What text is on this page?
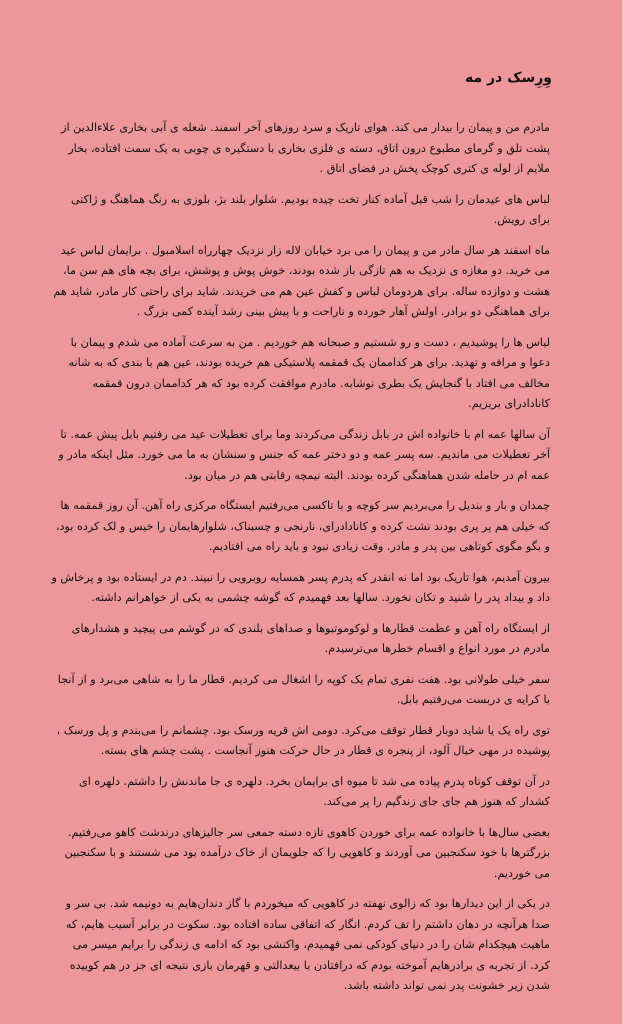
وِرِسک در مه

مادرم من و پیمان را بیدار می کند. هوای تاریک و سرد روزهای آخر اسفند. شعله ی آبی بخاری علاءالدین از پشت تلق و گرمای مطبوع درون اتاق، دسته ی فلزی بخاری با دستگیره ی چوبی به یک سمت افتاده، بخار ملایم از لوله ی کتری کوچک پخش در فضای اتاق .

لباس های عیدمان را شب قبل آماده کنار تخت چیده بودیم. شلوار بلند بژ، بلوزی به رنگ هماهنگ و ژاکتی برای رویش.

ماه اسفند هر سال مادر من و پیمان را می برد خیابان لاله زار نزدیک چهارراه اسلامبول . برایمان لباس عید می خرید. دو مغازه ی نزدیک به هم تازگی باز شده بودند، خوش پوش و پوشش، برای بچه های هم سن ما، هشت و دوازده ساله. برای هردومان لباس و کفش عین هم می خریدند. شاید برای راحتی کار مادر، شاید هم برای هماهنگی دو برادر. اولش آهار خورده و ناراحت و با پیش بینی رشد آینده کمی بزرگ .

لباس ها را پوشیدیم ، دست و رو شستیم و صبحانه هم خوردیم . من به سرعت آماده می شدم و پیمان با دعوا و مرافه و تهدید. برای هر کداممان یک قمقمه پلاستیکی هم خریده بودند، عین هم با بندی که به شانه مخالف می افتاد با گنجایش یک بطری نوشابه. مادرم موافقت کرده بود که هر کداممان درون قمقمه کانادادرای بریزیم.

آن سالها عمه ام با خانواده اش در بابل زندگی می‌کردند وما برای تعطیلات عید می رفتیم بابل پیش عمه. تا آخر تعطیلات می ماندیم. سه پسر عمه و دو دختر عمه که جنس و سنشان به ما می خورد. مثل اینکه مادر و عمه ام در حامله شدن هماهنگی کرده بودند. البته نیمچه رقابتی هم در میان بود.

چمدان و بار و بندیل را می‌بردیم سر کوچه و با تاکسی می‌رفتیم ایستگاه مرکزی راه آهن. آن روز قمقمه ها که خیلی هم پر پری بودند نشت کرده و کانادادرای، نارنجی و چسبناک، شلوارهایمان را خیس و لک کرده بود، و بگو مگوی کوتاهی بین پدر و مادر. وقت زیادی نبود و باید راه می افتادیم.

بیرون آمدیم، هوا تاریک بود اما نه انقدر که پدرم پسر همسایه روبرویی را نبیند. دم در ایستاده بود و پرخاش و داد و بیداد پدر را شنید و تکان نخورد. سالها بعد فهمیدم که گوشه چشمی به یکی از خواهرانم داشته.

از ایستگاه راه آهن و عظمت قطارها و لوکوموتیوها و صداهای بلندی که در گوشم می پیچید و هشدارهای مادرم در مورد انواع و اقسام خطرها می‌ترسیدم.

سفر خیلی طولانی بود. هفت نفری تمام یک کوپه را اشغال می کردیم. قطار ما را به شاهی می‌برد و از آنجا با کرایه ی دربست می‌رفتیم بابل.

توی راه یک یا شاید دوبار قطار توقف می‌کرد. دومی اش قریه ورسک بود. چشمانم را می‌بندم و پل ورسک ، پوشیده در مهی خیال آلود، از پنجره ی قطار در حال حرکت هنوز آنجاست . پشت چشم های بسته.

در آن توقف کوتاه پدرم پیاده می شد تا میوه ای برایمان بخرد. دلهره ی جا ماندنش را داشتم. دلهره ای کشدار که هنوز هم جای جای زندگیم را پر می‌کند.

بعضی سال‌ها با خانواده عمه برای خوردن کاهوی تازه دسته جمعی سر جالیزهای درندشت کاهو می‌رفتیم. بزرگترها با خود سکنجبین می آوردند و کاهویی را که جلویمان از خاک درآمده بود می شستند و با سکنجبین می خوردیم.

در یکی از این دیدارها بود که زالوی نهفته در کاهویی که میخوردم با گاز دندان‌هایم به دونیمه شد. بی سر و صدا هرآنچه در دهان داشتم را تف کردم. انگار که اتفاقی ساده افتاده بود. سکوت در برابر آسیب هایم، که ماهیت هیچکدام شان را در دنیای کودکی نمی فهمیدم، واکنشی بود که ادامه ی زندگی را برایم میسر می کرد. از تجربه ی برادرهایم آموخته بودم که درافتادن با بیعدالتی و قهرمان بازی نتیجه ای جز در هم کوبیده شدن زیر خشونت پدر نمی تواند داشته باشد.
